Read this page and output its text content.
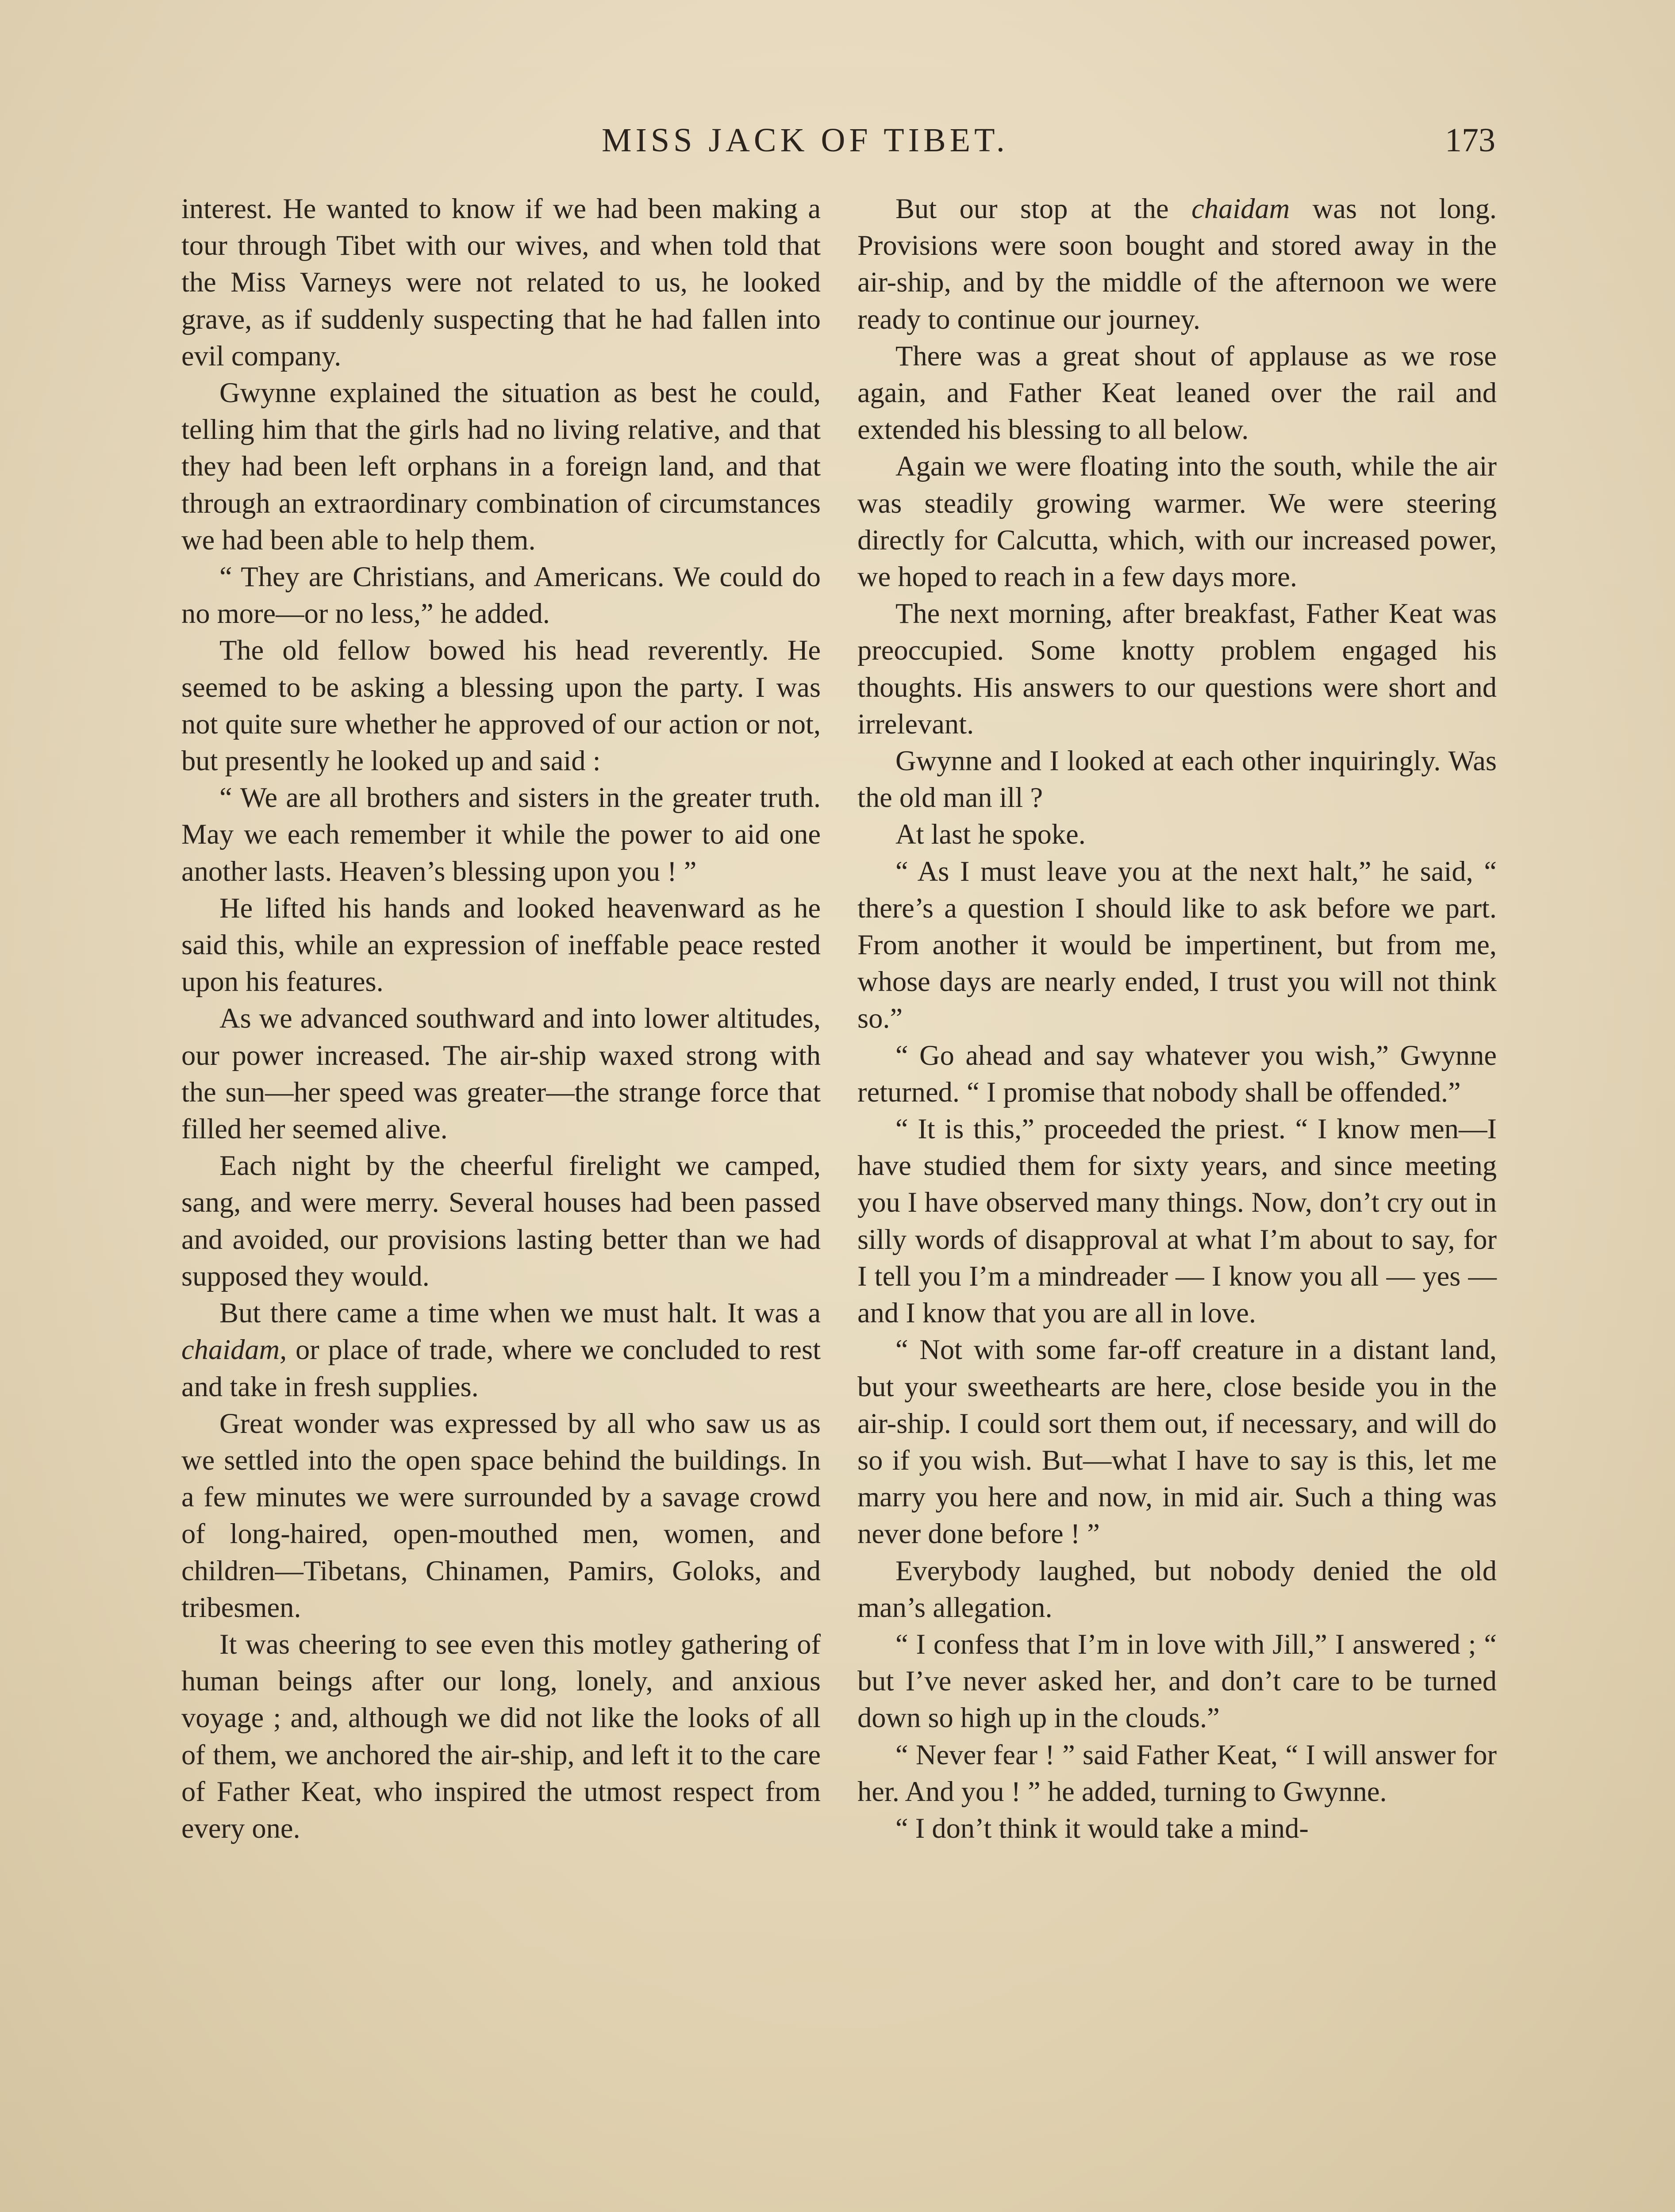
MISS JACK OF TIBET.	173

interest. He wanted to know if we had been making a tour through Tibet with our wives, and when told that the Miss Varneys were not related to us, he looked grave, as if suddenly suspecting that he had fallen into evil company.

Gwynne explained the situation as best he could, telling him that the girls had no living relative, and that they had been left orphans in a foreign land, and that through an extraordinary combination of circumstances we had been able to help them.

“ They are Christians, and Americans. We could do no more—or no less,” he added.

The old fellow bowed his head reverently. He seemed to be asking a blessing upon the party. I was not quite sure whether he approved of our action or not, but presently he looked up and said :

“ We are all brothers and sisters in the greater truth. May we each remember it while the power to aid one another lasts. Heaven’s blessing upon you ! ”

He lifted his hands and looked heavenward as he said this, while an expression of ineffable peace rested upon his features.

As we advanced southward and into lower altitudes, our power increased. The air-ship waxed strong with the sun—her speed was greater—the strange force that filled her seemed alive.

Each night by the cheerful firelight we camped, sang, and were merry. Several houses had been passed and avoided, our provisions lasting better than we had supposed they would.

But there came a time when we must halt. It was a chaidam, or place of trade, where we concluded to rest and take in fresh supplies.

Great wonder was expressed by all who saw us as we settled into the open space behind the buildings. In a few minutes we were surrounded by a savage crowd of long-haired, open-mouthed men, women, and children—Tibetans, Chinamen, Pamirs, Goloks, and tribesmen.

It was cheering to see even this motley gathering of human beings after our long, lonely, and anxious voyage ; and, although we did not like the looks of all of them, we anchored the air-ship, and left it to the care of Father Keat, who inspired the utmost respect from every one.

But our stop at the chaidam was not long. Provisions were soon bought and stored away in the air-ship, and by the middle of the afternoon we were ready to continue our journey.

There was a great shout of applause as we rose again, and Father Keat leaned over the rail and extended his blessing to all below.

Again we were floating into the south, while the air was steadily growing warmer. We were steering directly for Calcutta, which, with our increased power, we hoped to reach in a few days more.

The next morning, after breakfast, Father Keat was preoccupied. Some knotty problem engaged his thoughts. His answers to our questions were short and irrelevant.

Gwynne and I looked at each other inquiringly. Was the old man ill ?

At last he spoke.

“ As I must leave you at the next halt,” he said, “ there’s a question I should like to ask before we part. From another it would be impertinent, but from me, whose days are nearly ended, I trust you will not think so.”

“ Go ahead and say whatever you wish,” Gwynne returned. “ I promise that nobody shall be offended.”

“ It is this,” proceeded the priest. “ I know men—I have studied them for sixty years, and since meeting you I have observed many things. Now, don’t cry out in silly words of disapproval at what I’m about to say, for I tell you I’m a mindreader — I know you all — yes — and I know that you are all in love.

“ Not with some far-off creature in a distant land, but your sweethearts are here, close beside you in the air-ship. I could sort them out, if necessary, and will do so if you wish. But—what I have to say is this, let me marry you here and now, in mid air. Such a thing was never done before ! ”

Everybody laughed, but nobody denied the old man’s allegation.

“ I confess that I’m in love with Jill,” I answered ; “ but I’ve never asked her, and don’t care to be turned down so high up in the clouds.”

“ Never fear ! ” said Father Keat, “ I will answer for her. And you ! ” he added, turning to Gwynne.

“ I don’t think it would take a mind-
